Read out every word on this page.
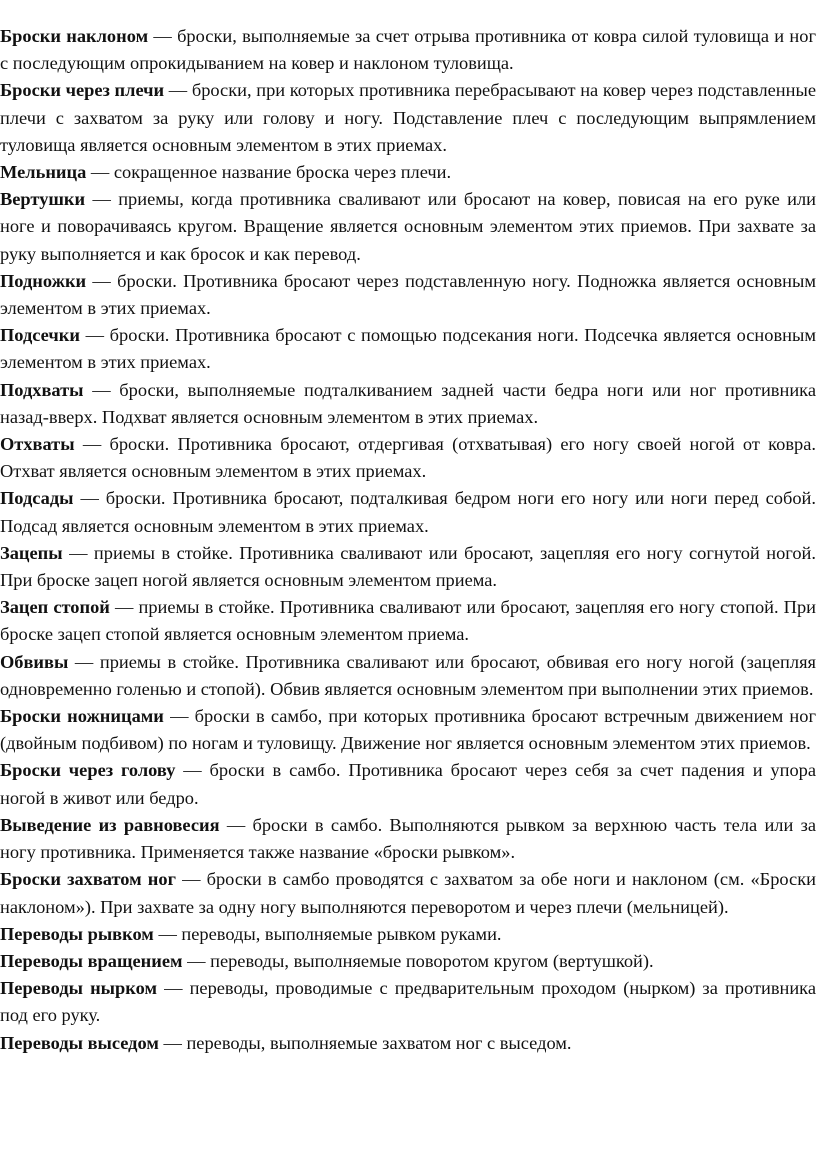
Броски наклоном — броски, выполняемые за счет отрыва противника от ковра силой туловища и ног с последующим опрокидыванием на ковер и наклоном туловища.

Броски через плечи — броски, при которых противника перебрасывают на ковер через подставленные плечи с захватом за руку или голову и ногу. Подставление плеч с последующим выпрямлением туловища является основным элементом в этих приемах.

Мельница — сокращенное название броска через плечи.

Вертушки — приемы, когда противника сваливают или бросают на ковер, повисая на его руке или ноге и поворачиваясь кругом. Вращение является основным элементом этих приемов. При захвате за руку выполняется и как бросок и как перевод.

Подножки — броски. Противника бросают через подставленную ногу. Подножка является основным элементом в этих приемах.

Подсечки — броски. Противника бросают с помощью подсекания ноги. Подсечка является основным элементом в этих приемах.

Подхваты — броски, выполняемые подталкиванием задней части бедра ноги или ног противника назад-вверх. Подхват является основным элементом в этих приемах.

Отхваты — броски. Противника бросают, отдергивая (отхватывая) его ногу своей ногой от ковра. Отхват является основным элементом в этих приемах.

Подсады — броски. Противника бросают, подталкивая бедром ноги его ногу или ноги перед собой. Подсад является основным элементом в этих приемах.

Зацепы — приемы в стойке. Противника сваливают или бросают, зацепляя его ногу согнутой ногой. При броске зацеп ногой является основным элементом приема.

Зацеп стопой — приемы в стойке. Противника сваливают или бросают, зацепляя его ногу стопой. При броске зацеп стопой является основным элементом приема.

Обвивы — приемы в стойке. Противника сваливают или бросают, обвивая его ногу ногой (зацепляя одновременно голенью и стопой). Обвив является основным элементом при выполнении этих приемов.

Броски ножницами — броски в самбо, при которых противника бросают встречным движением ног (двойным подбивом) по ногам и туловищу. Движение ног является основным элементом этих приемов.

Броски через голову — броски в самбо. Противника бросают через себя за счет падения и упора ногой в живот или бедро.

Выведение из равновесия — броски в самбо. Выполняются рывком за верхнюю часть тела или за ногу противника. Применяется также название «броски рывком».

Броски захватом ног — броски в самбо проводятся с захватом за обе ноги и наклоном (см. «Броски наклоном»). При захвате за одну ногу выполняются переворотом и через плечи (мельницей).

Переводы рывком — переводы, выполняемые рывком руками.

Переводы вращением — переводы, выполняемые поворотом кругом (вертушкой).

Переводы нырком — переводы, проводимые с предварительным проходом (нырком) за противника под его руку.

Переводы выседом — переводы, выполняемые захватом ног с выседом.
